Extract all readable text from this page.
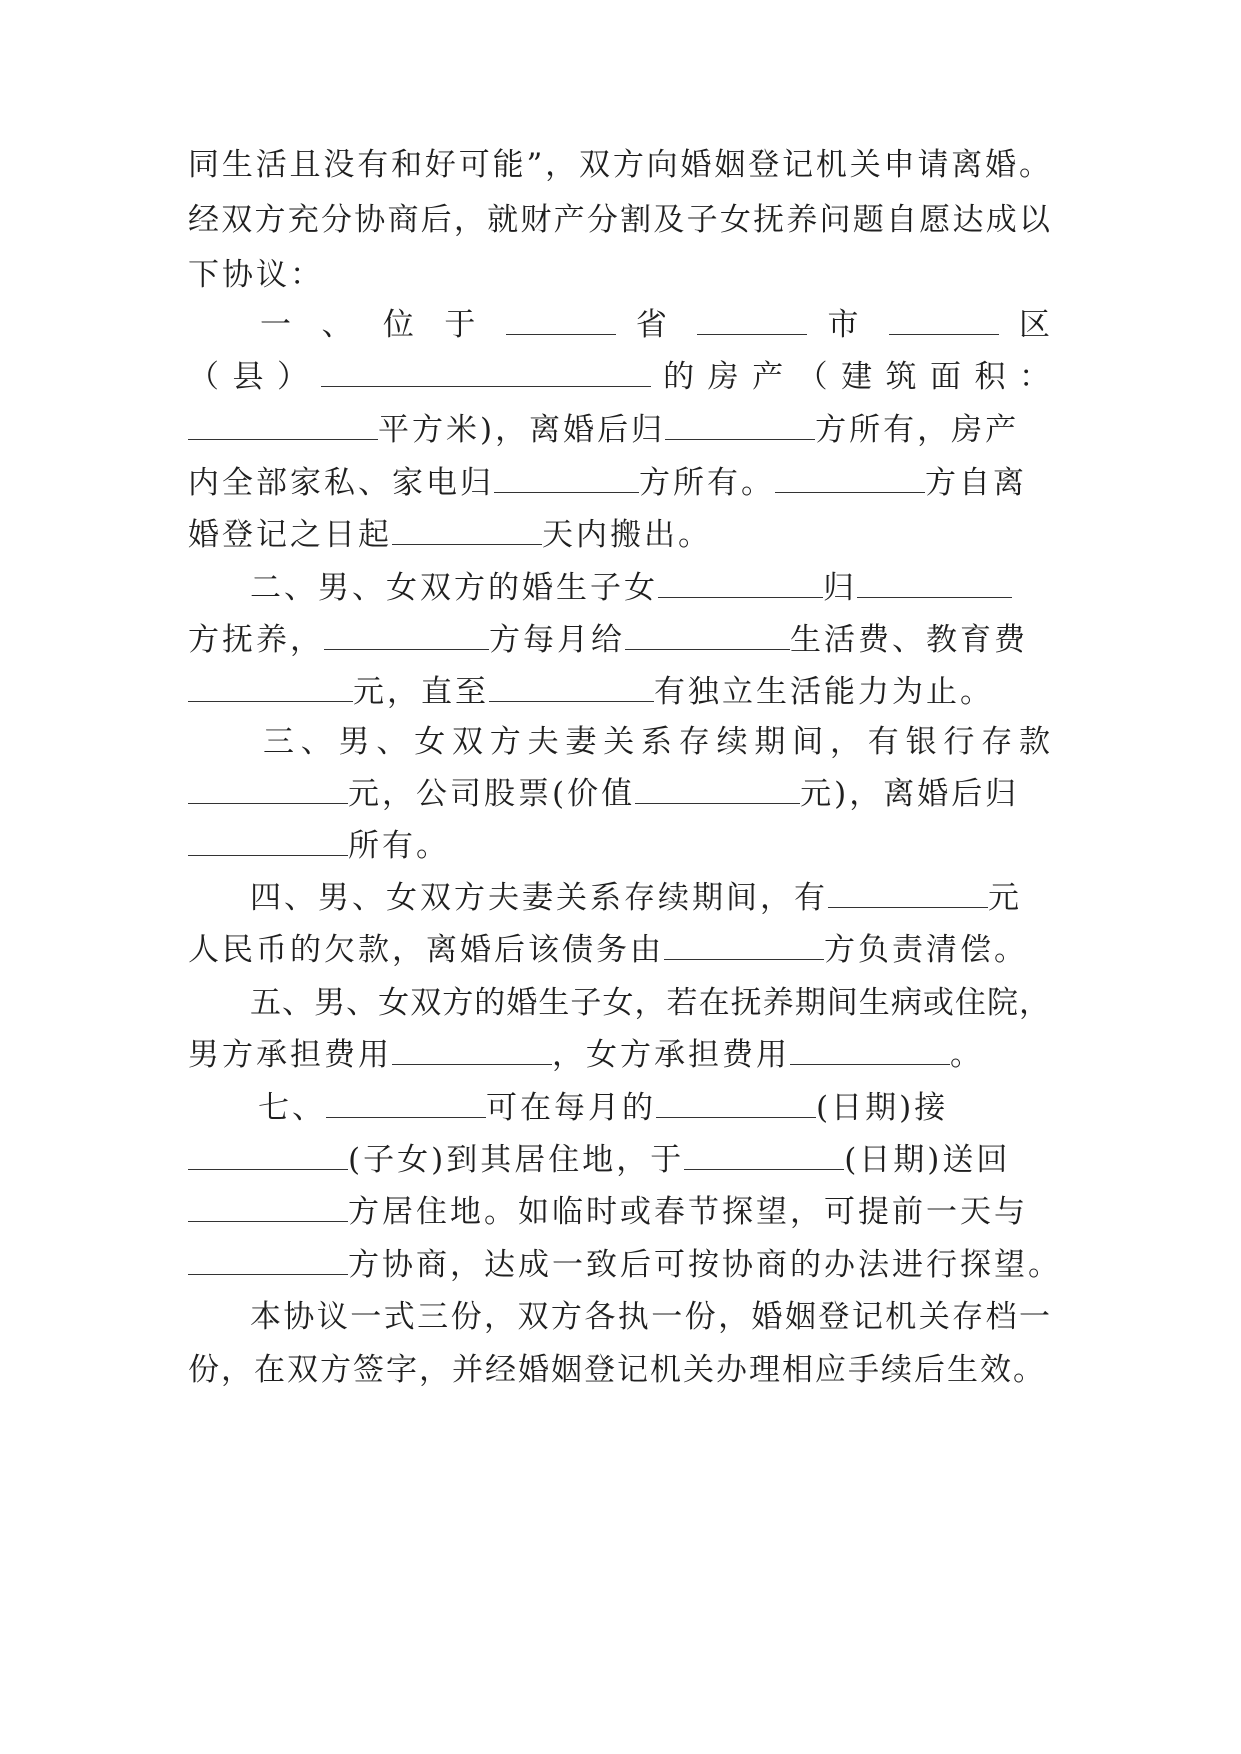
同生活且没有和好可能”，双方向婚姻登记机关申请离婚。
经双方充分协商后，就财产分割及子女抚养问题自愿达成以
下协议：
一 、 位 于	省	市	区
（ 县 ）	的 房 产 （ 建 筑 面 积 ：
平方米)，离婚后归	方所有，房产
内全部家私、家电归	方所有。	方自离
婚登记之日起	天内搬出。
二、男、女双方的婚生子女	归
方抚养，	方每月给	生活费、教育费
元，直至	有独立生活能力为止。
三、男、女双方夫妻关系存续期间，有银行存款
元，公司股票(价值	元)，离婚后归
所有。
四、男、女双方夫妻关系存续期间，有	元
人民币的欠款，离婚后该债务由	方负责清偿。
五、男、女双方的婚生子女，若在抚养期间生病或住院，
男方承担费用	，女方承担费用	。
七、	可在每月的	(日期)接
(子女)到其居住地，于	(日期)送回
方居住地。如临时或春节探望，可提前一天与
方协商，达成一致后可按协商的办法进行探望。
本协议一式三份，双方各执一份，婚姻登记机关存档一
份，在双方签字，并经婚姻登记机关办理相应手续后生效。
